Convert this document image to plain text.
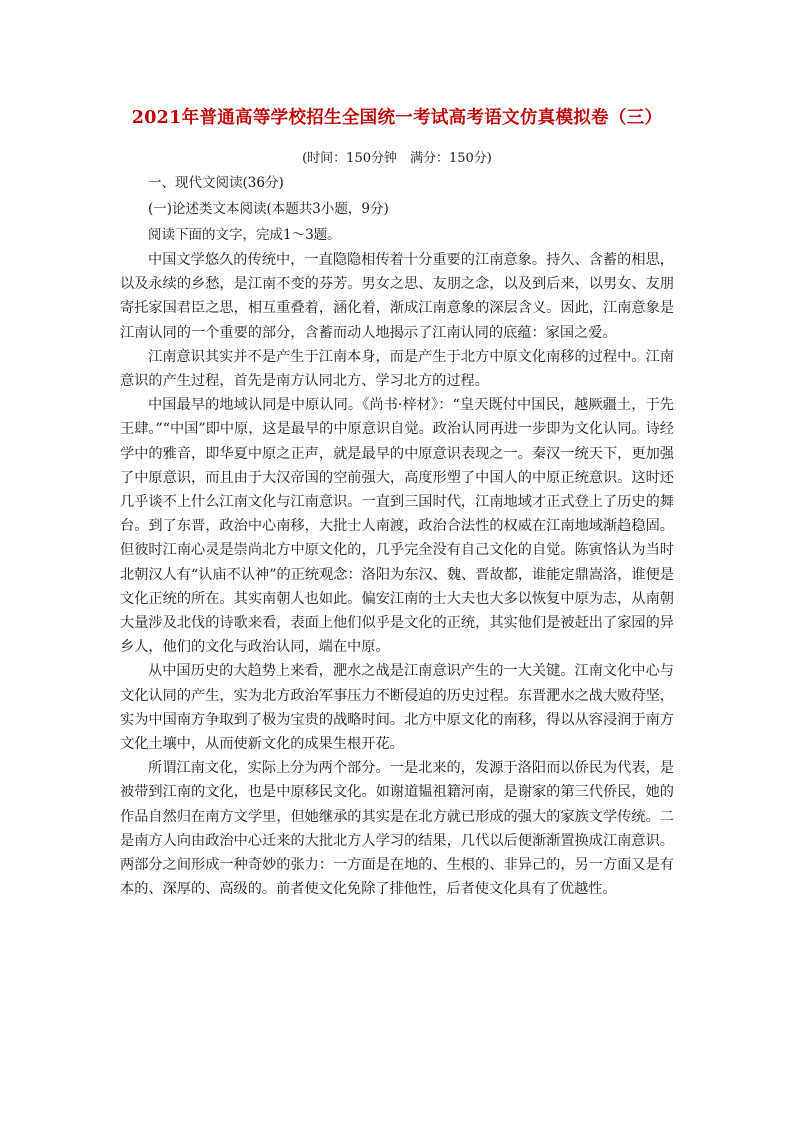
2021年普通高等学校招生全国统一考试高考语文仿真模拟卷（三）
(时间：150分钟　满分：150分)
一、现代文阅读(36分)
(一)论述类文本阅读(本题共3小题，9分)
阅读下面的文字，完成1～3题。

中国文学悠久的传统中，一直隐隐相传着十分重要的江南意象。持久、含蓄的相思，以及永续的乡愁，是江南不变的芬芳。男女之思、友朋之念，以及到后来，以男女、友朋寄托家国君臣之思，相互重叠着，涵化着，渐成江南意象的深层含义。因此，江南意象是江南认同的一个重要的部分，含蓄而动人地揭示了江南认同的底蕴：家国之爱。

江南意识其实并不是产生于江南本身，而是产生于北方中原文化南移的过程中。江南意识的产生过程，首先是南方认同北方、学习北方的过程。

中国最早的地域认同是中原认同。《尚书·梓材》：“皇天既付中国民，越厥疆土，于先王肆。”“中国”即中原，这是最早的中原意识自觉。政治认同再进一步即为文化认同。诗经学中的雅音，即华夏中原之正声，就是最早的中原意识表现之一。秦汉一统天下，更加强了中原意识，而且由于大汉帝国的空前强大，高度形塑了中国人的中原正统意识。这时还几乎谈不上什么江南文化与江南意识。一直到三国时代，江南地域才正式登上了历史的舞台。到了东晋，政治中心南移，大批士人南渡，政治合法性的权威在江南地域渐趋稳固。但彼时江南心灵是崇尚北方中原文化的，几乎完全没有自己文化的自觉。陈寅恪认为当时北朝汉人有“认庙不认神”的正统观念：洛阳为东汉、魏、晋故都，谁能定鼎嵩洛，谁便是文化正统的所在。其实南朝人也如此。偏安江南的士大夫也大多以恢复中原为志，从南朝大量涉及北伐的诗歌来看，表面上他们似乎是文化的正统，其实他们是被赶出了家园的异乡人，他们的文化与政治认同，端在中原。

从中国历史的大趋势上来看，淝水之战是江南意识产生的一大关键。江南文化中心与文化认同的产生，实为北方政治军事压力不断侵迫的历史过程。东晋淝水之战大败苻坚，实为中国南方争取到了极为宝贵的战略时间。北方中原文化的南移，得以从容浸润于南方文化土壤中，从而使新文化的成果生根开花。

所谓江南文化，实际上分为两个部分。一是北来的，发源于洛阳而以侨民为代表，是被带到江南的文化，也是中原移民文化。如谢道韫祖籍河南，是谢家的第三代侨民，她的作品自然归在南方文学里，但她继承的其实是在北方就已形成的强大的家族文学传统。二是南方人向由政治中心迁来的大批北方人学习的结果，几代以后便渐渐置换成江南意识。两部分之间形成一种奇妙的张力：一方面是在地的、生根的、非异己的，另一方面又是有本的、深厚的、高级的。前者使文化免除了排他性，后者使文化具有了优越性。
